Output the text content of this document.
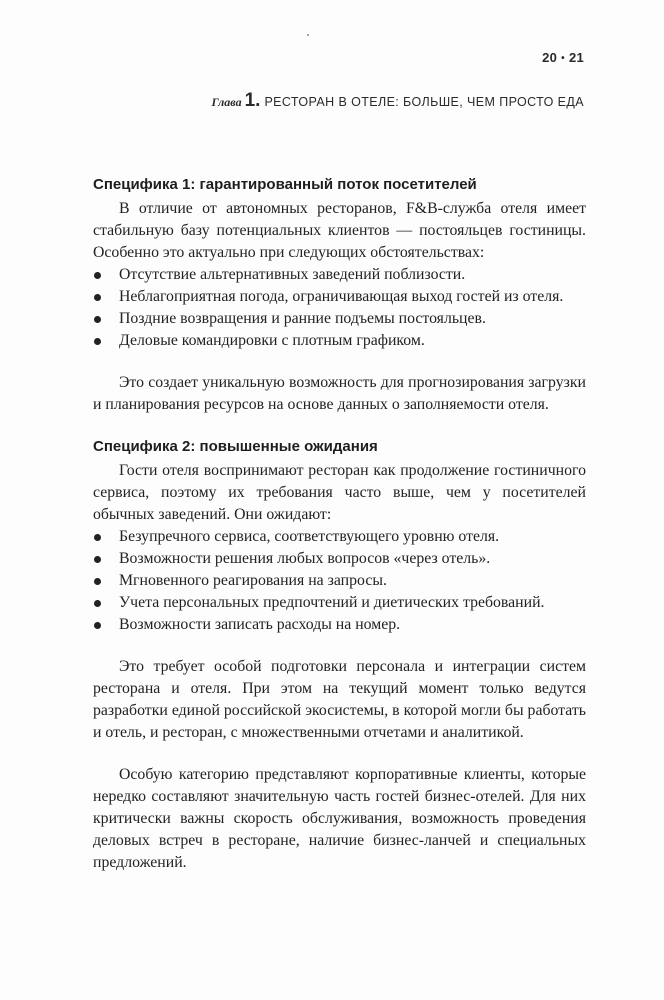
20 • 21
Глава 1. РЕСТОРАН В ОТЕЛЕ: БОЛЬШЕ, ЧЕМ ПРОСТО ЕДА
Специфика 1: гарантированный поток посетителей

В отличие от автономных ресторанов, F&B-служба отеля имеет стабильную базу потенциальных клиентов — постояльцев гостиницы. Особенно это актуально при следующих обстоятельствах:

Отсутствие альтернативных заведений поблизости.
Неблагоприятная погода, ограничивающая выход гостей из отеля.
Поздние возвращения и ранние подъемы постояльцев.
Деловые командировки с плотным графиком.

Это создает уникальную возможность для прогнозирования загрузки и планирования ресурсов на основе данных о заполняемости отеля.

Специфика 2: повышенные ожидания

Гости отеля воспринимают ресторан как продолжение гостиничного сервиса, поэтому их требования часто выше, чем у посетителей обычных заведений. Они ожидают:

Безупречного сервиса, соответствующего уровню отеля.
Возможности решения любых вопросов «через отель».
Мгновенного реагирования на запросы.
Учета персональных предпочтений и диетических требований.
Возможности записать расходы на номер.

Это требует особой подготовки персонала и интеграции систем ресторана и отеля. При этом на текущий момент только ведутся разработки единой российской экосистемы, в которой могли бы работать и отель, и ресторан, с множественными отчетами и аналитикой.

Особую категорию представляют корпоративные клиенты, которые нередко составляют значительную часть гостей бизнес-отелей. Для них критически важны скорость обслуживания, возможность проведения деловых встреч в ресторане, наличие бизнес-ланчей и специальных предложений.
